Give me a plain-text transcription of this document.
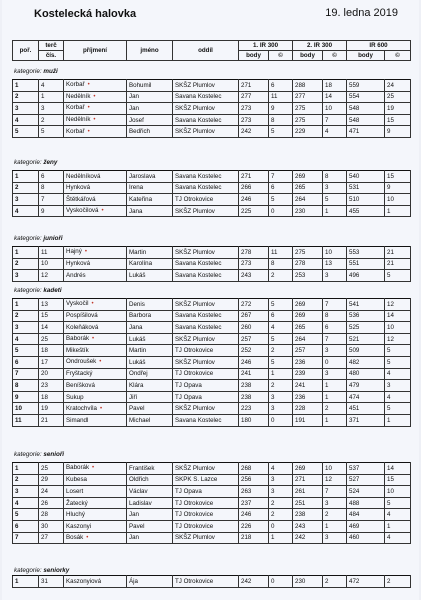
Kostelecká halovka	19. ledna 2019
poř.	terč	příjmení	jméno	oddíl	1. IR 300		2. IR 300		IR 600	
	čís.				body	©	body	©	body	©
kategorie: muži
1	4	Korbař •	Bohumil	SKŠZ Plumlov	271	6	288	18	559	24
2	1	Nedělník •	Jan	Savana Kostelec	277	11	277	14	554	25
3	3	Korbař •	Jan	SKŠZ Plumlov	273	9	275	10	548	19
4	2	Nedělník •	Josef	Savana Kostelec	273	8	275	7	548	15
5	5	Korbař •	Bedřich	SKŠZ Plumlov	242	5	229	4	471	9
kategorie: ženy
1	6	Nedělníková	Jaroslava	Savana Kostelec	271	7	269	8	540	15
2	8	Hynková	Irena	Savana Kostelec	266	6	265	3	531	9
3	7	Štětkářová	Kateřina	TJ Otrokovice	246	5	264	5	510	10
4	9	Vyskočilová •	Jana	SKŠZ Plumlov	225	0	230	1	455	1
kategorie: junioři
1	11	Hajný •	Martin	SKŠZ Plumlov	278	11	275	10	553	21
2	10	Hynková	Karolína	Savana Kostelec	273	8	278	13	551	21
3	12	Andrés	Lukáš	Savana Kostelec	243	2	253	3	496	5
kategorie: kadeti
1	13	Vyskočil •	Denis	SKŠZ Plumlov	272	5	269	7	541	12
2	15	Pospíšilová	Barbora	Savana Kostelec	267	6	269	8	536	14
3	14	Koleňáková	Jana	Savana Kostelec	260	4	265	6	525	10
4	25	Baborák •	Lukáš	SKŠZ Plumlov	257	5	264	7	521	12
5	18	Mikeštík	Martin	TJ Otrokovice	252	2	257	3	509	5
6	17	Ondroušek •	Lukáš	SKŠZ Plumlov	246	5	236	0	482	5
7	20	Fryštacký	Ondřej	TJ Otrokovice	241	1	239	3	480	4
8	23	Beníšková	Klára	TJ Opava	238	2	241	1	479	3
9	18	Sukup	Jiří	TJ Opava	238	3	236	1	474	4
10	19	Kratochvíla •	Pavel	SKŠZ Plumlov	223	3	228	2	451	5
11	21	Simandl	Michael	Savana Kostelec	180	0	191	1	371	1
kategorie: senioři
1	25	Baborák •	František	SKŠZ Plumlov	268	4	269	10	537	14
2	29	Kubesa	Oldřich	SKPK S. Lazce	256	3	271	12	527	15
3	24	Losert	Václav	TJ Opava	263	3	261	7	524	10
4	26	Žatecký	Ladislav	TJ Otrokovice	237	2	251	3	488	5
5	28	Hluchý	Jan	TJ Otrokovice	246	2	238	2	484	4
6	30	Kaszonyi	Pavel	TJ Otrokovice	226	0	243	1	469	1
7	27	Bosák •	Jan	SKŠZ Plumlov	218	1	242	3	460	4
kategorie: seniorky
1	31	Kaszonyiová	Ája	TJ Otrokovice	242	0	230	2	472	2
